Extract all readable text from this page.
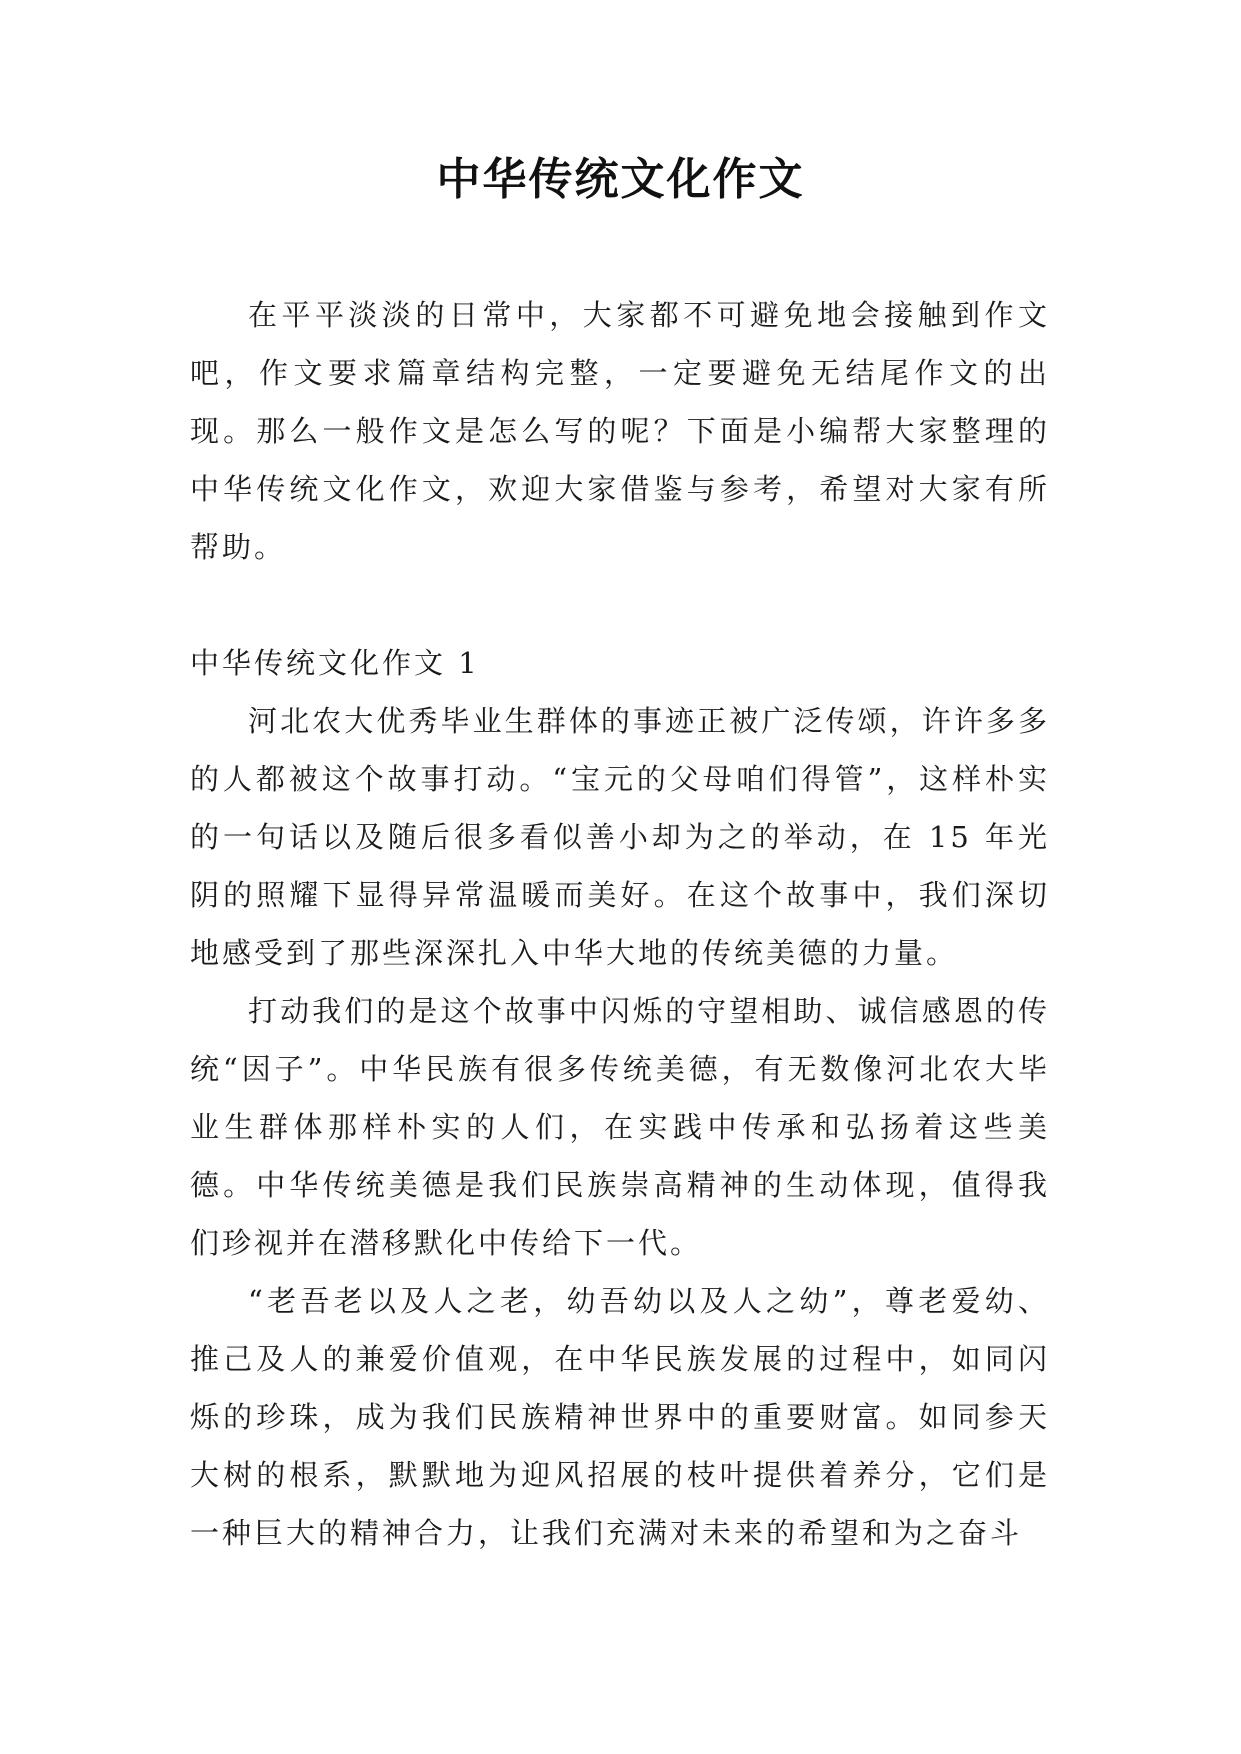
中华传统文化作文

在平平淡淡的日常中，大家都不可避免地会接触到作文吧，作文要求篇章结构完整，一定要避免无结尾作文的出现。那么一般作文是怎么写的呢？下面是小编帮大家整理的中华传统文化作文，欢迎大家借鉴与参考，希望对大家有所帮助。

中华传统文化作文 1

河北农大优秀毕业生群体的事迹正被广泛传颂，许许多多的人都被这个故事打动。“宝元的父母咱们得管”，这样朴实的一句话以及随后很多看似善小却为之的举动，在 15 年光阴的照耀下显得异常温暖而美好。在这个故事中，我们深切地感受到了那些深深扎入中华大地的传统美德的力量。

打动我们的是这个故事中闪烁的守望相助、诚信感恩的传统“因子”。中华民族有很多传统美德，有无数像河北农大毕业生群体那样朴实的人们，在实践中传承和弘扬着这些美德。中华传统美德是我们民族崇高精神的生动体现，值得我们珍视并在潜移默化中传给下一代。

“老吾老以及人之老，幼吾幼以及人之幼”，尊老爱幼、推己及人的兼爱价值观，在中华民族发展的过程中，如同闪烁的珍珠，成为我们民族精神世界中的重要财富。如同参天大树的根系，默默地为迎风招展的枝叶提供着养分，它们是一种巨大的精神合力，让我们充满对未来的希望和为之奋斗
